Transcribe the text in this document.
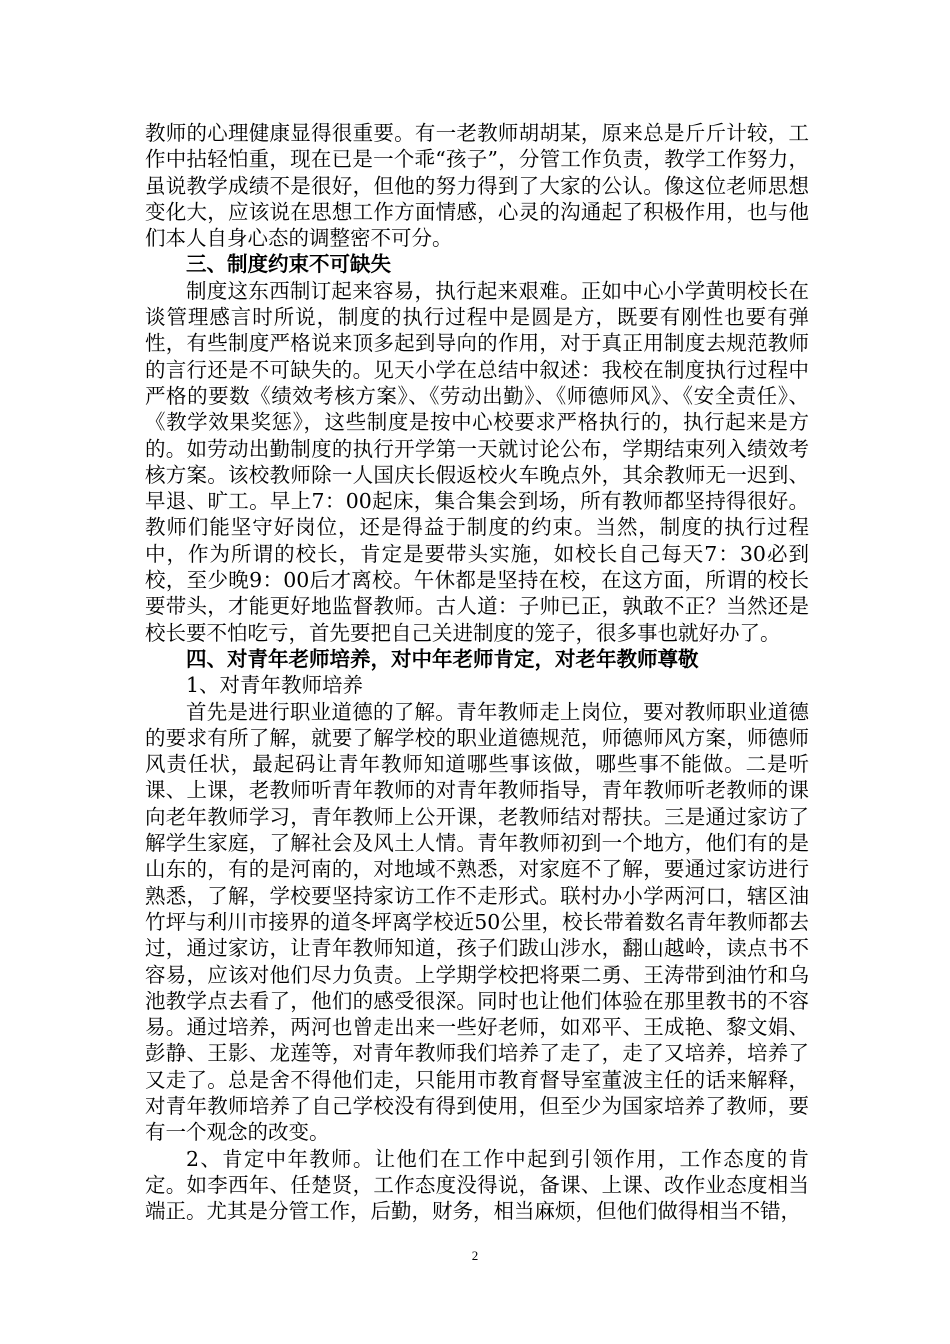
教师的心理健康显得很重要。有一老教师胡胡某，原来总是斤斤计较，工作中拈轻怕重，现在已是一个乖“孩子”，分管工作负责，教学工作努力，虽说教学成绩不是很好，但他的努力得到了大家的公认。像这位老师思想变化大，应该说在思想工作方面情感，心灵的沟通起了积极作用，也与他们本人自身心态的调整密不可分。

三、制度约束不可缺失

制度这东西制订起来容易，执行起来艰难。正如中心小学黄明校长在谈管理感言时所说，制度的执行过程中是圆是方，既要有刚性也要有弹性，有些制度严格说来顶多起到导向的作用，对于真正用制度去规范教师的言行还是不可缺失的。见天小学在总结中叙述：我校在制度执行过程中严格的要数《绩效考核方案》、《劳动出勤》、《师德师风》、《安全责任》、《教学效果奖惩》，这些制度是按中心校要求严格执行的，执行起来是方的。如劳动出勤制度的执行开学第一天就讨论公布，学期结束列入绩效考核方案。该校教师除一人国庆长假返校火车晚点外，其余教师无一迟到、早退、旷工。早上7：00起床，集合集会到场，所有教师都坚持得很好。教师们能坚守好岗位，还是得益于制度的约束。当然，制度的执行过程中，作为所谓的校长，肯定是要带头实施，如校长自己每天7：30必到校，至少晚9：00后才离校。午休都是坚持在校，在这方面，所谓的校长要带头，才能更好地监督教师。古人道：子帅已正，孰敢不正？当然还是校长要不怕吃亏，首先要把自己关进制度的笼子，很多事也就好办了。

四、对青年老师培养，对中年老师肯定，对老年教师尊敬

1、对青年教师培养

首先是进行职业道德的了解。青年教师走上岗位，要对教师职业道德的要求有所了解，就要了解学校的职业道德规范，师德师风方案，师德师风责任状，最起码让青年教师知道哪些事该做，哪些事不能做。二是听课、上课，老教师听青年教师的对青年教师指导，青年教师听老教师的课向老年教师学习，青年教师上公开课，老教师结对帮扶。三是通过家访了解学生家庭，了解社会及风土人情。青年教师初到一个地方，他们有的是山东的，有的是河南的，对地域不熟悉，对家庭不了解，要通过家访进行熟悉，了解，学校要坚持家访工作不走形式。联村办小学两河口，辖区油竹坪与利川市接界的道冬坪离学校近50公里，校长带着数名青年教师都去过，通过家访，让青年教师知道，孩子们跋山涉水，翻山越岭，读点书不容易，应该对他们尽力负责。上学期学校把将栗二勇、王涛带到油竹和乌池教学点去看了，他们的感受很深。同时也让他们体验在那里教书的不容易。通过培养，两河也曾走出来一些好老师，如邓平、王成艳、黎文娟、彭静、王影、龙莲等，对青年教师我们培养了走了，走了又培养，培养了又走了。总是舍不得他们走，只能用市教育督导室董波主任的话来解释，对青年教师培养了自己学校没有得到使用，但至少为国家培养了教师，要有一个观念的改变。

2、肯定中年教师。让他们在工作中起到引领作用，工作态度的肯定。如李西年、任楚贤，工作态度没得说，备课、上课、改作业态度相当端正。尤其是分管工作，后勤，财务，相当麻烦，但他们做得相当不错，

2
